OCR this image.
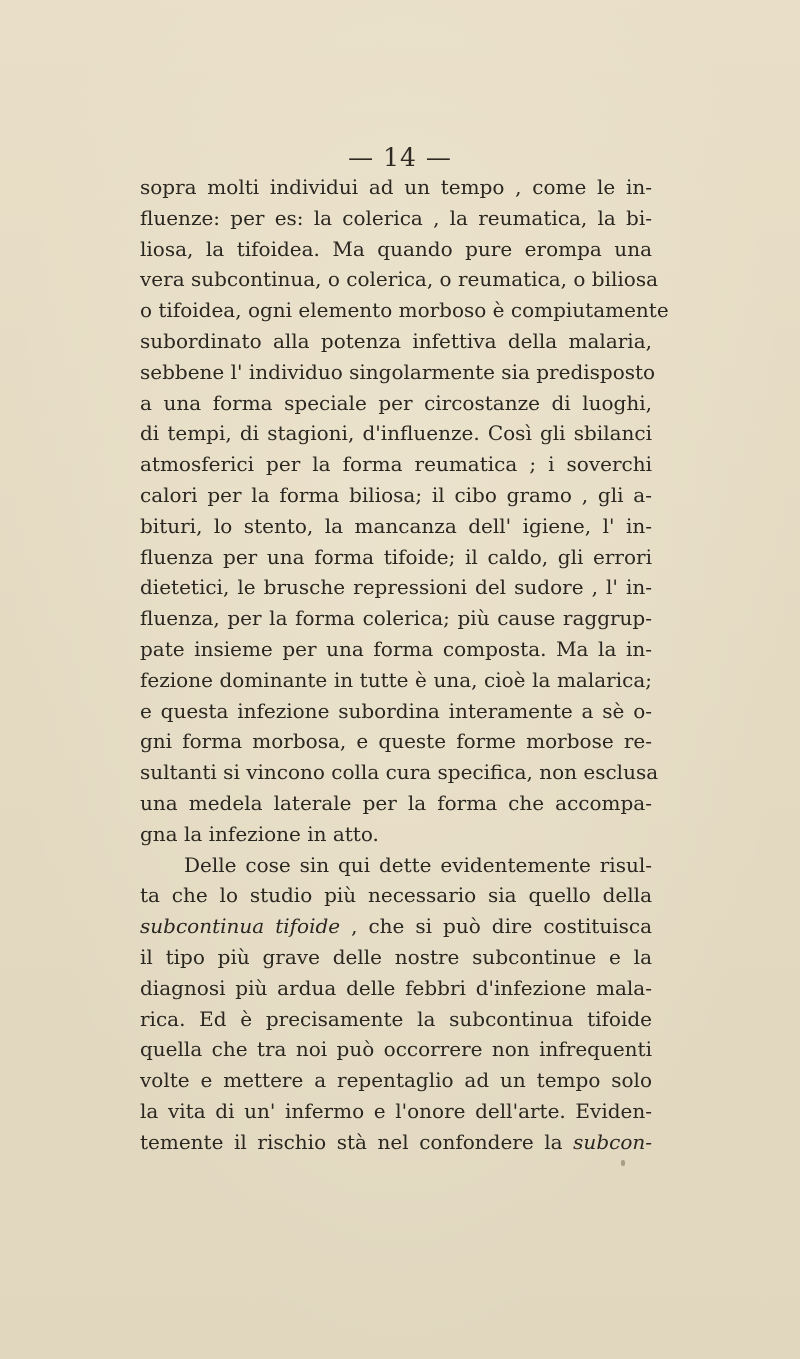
— 14 —
sopra molti individui ad un tempo , come le in-
fluenze: per es: la colerica , la reumatica, la bi-
liosa, la tifoidea. Ma quando pure erompa una
vera subcontinua, o colerica, o reumatica, o biliosa
o tifoidea, ogni elemento morboso è compiutamente
subordinato alla potenza infettiva della malaria,
sebbene l' individuo singolarmente sia predisposto
a una forma speciale per circostanze di luoghi,
di tempi, di stagioni, d'influenze. Così gli sbilanci
atmosferici per la forma reumatica ; i soverchi
calori per la forma biliosa; il cibo gramo , gli a-
bituri, lo stento, la mancanza dell' igiene, l' in-
fluenza per una forma tifoide; il caldo, gli errori
dietetici, le brusche repressioni del sudore , l' in-
fluenza, per la forma colerica; più cause raggrup-
pate insieme per una forma composta. Ma la in-
fezione dominante in tutte è una, cioè la malarica;
e questa infezione subordina interamente a sè o-
gni forma morbosa, e queste forme morbose re-
sultanti si vincono colla cura specifica, non esclusa
una medela laterale per la forma che accompa-
gna la infezione in atto.
Delle cose sin qui dette evidentemente risul-
ta che lo studio più necessario sia quello della
subcontinua tifoide , che si può dire costituisca
il tipo più grave delle nostre subcontinue e la
diagnosi più ardua delle febbri d'infezione mala-
rica. Ed è precisamente la subcontinua tifoide
quella che tra noi può occorrere non infrequenti
volte e mettere a repentaglio ad un tempo solo
la vita di un' infermo e l'onore dell'arte. Eviden-
temente il rischio stà nel confondere la subcon-
